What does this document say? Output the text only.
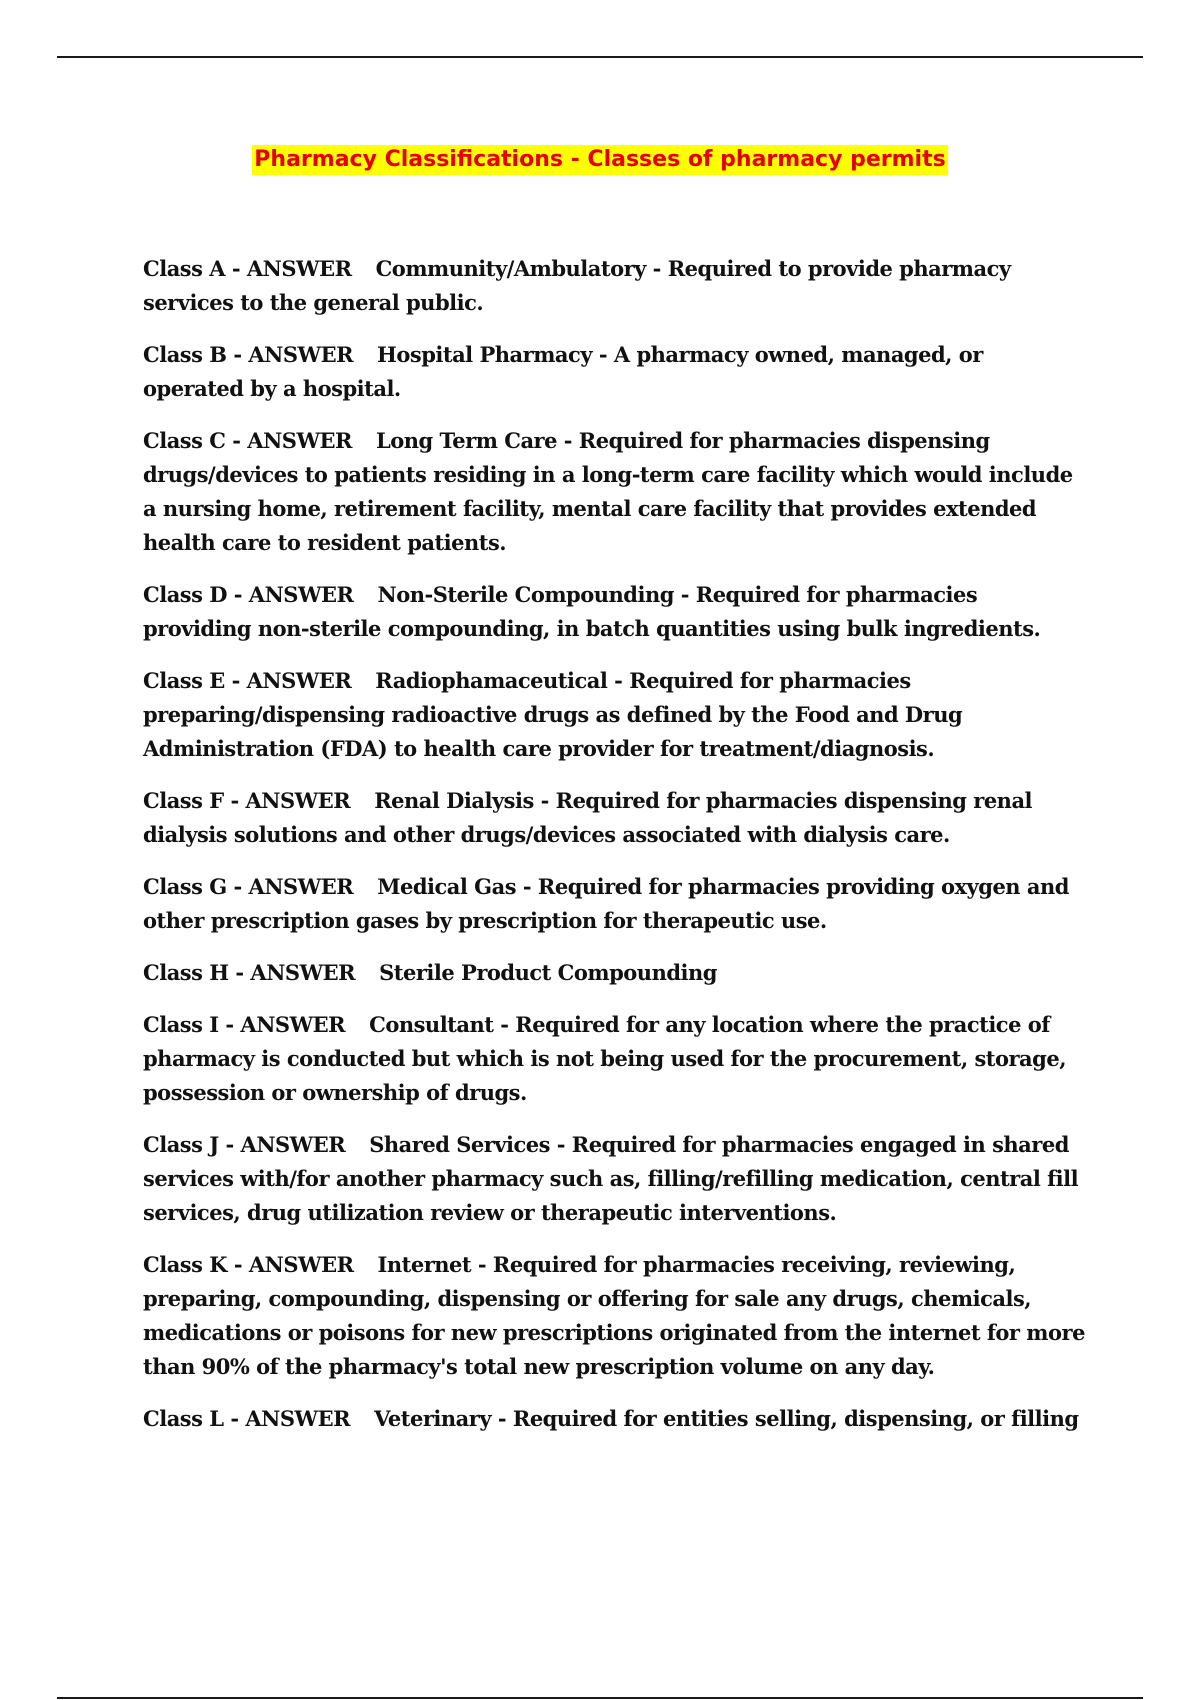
Pharmacy Classifications - Classes of pharmacy permits

Class A - ANSWER Community/Ambulatory - Required to provide pharmacy services to the general public.

Class B - ANSWER Hospital Pharmacy - A pharmacy owned, managed, or operated by a hospital.

Class C - ANSWER Long Term Care - Required for pharmacies dispensing drugs/devices to patients residing in a long-term care facility which would include a nursing home, retirement facility, mental care facility that provides extended health care to resident patients.

Class D - ANSWER Non-Sterile Compounding - Required for pharmacies providing non-sterile compounding, in batch quantities using bulk ingredients.

Class E - ANSWER Radiophamaceutical - Required for pharmacies preparing/dispensing radioactive drugs as defined by the Food and Drug Administration (FDA) to health care provider for treatment/diagnosis.

Class F - ANSWER Renal Dialysis - Required for pharmacies dispensing renal dialysis solutions and other drugs/devices associated with dialysis care.

Class G - ANSWER Medical Gas - Required for pharmacies providing oxygen and other prescription gases by prescription for therapeutic use.

Class H - ANSWER Sterile Product Compounding

Class I - ANSWER Consultant - Required for any location where the practice of pharmacy is conducted but which is not being used for the procurement, storage, possession or ownership of drugs.

Class J - ANSWER Shared Services - Required for pharmacies engaged in shared services with/for another pharmacy such as, filling/refilling medication, central fill services, drug utilization review or therapeutic interventions.

Class K - ANSWER Internet - Required for pharmacies receiving, reviewing, preparing, compounding, dispensing or offering for sale any drugs, chemicals, medications or poisons for new prescriptions originated from the internet for more than 90% of the pharmacy's total new prescription volume on any day.

Class L - ANSWER Veterinary - Required for entities selling, dispensing, or filling
